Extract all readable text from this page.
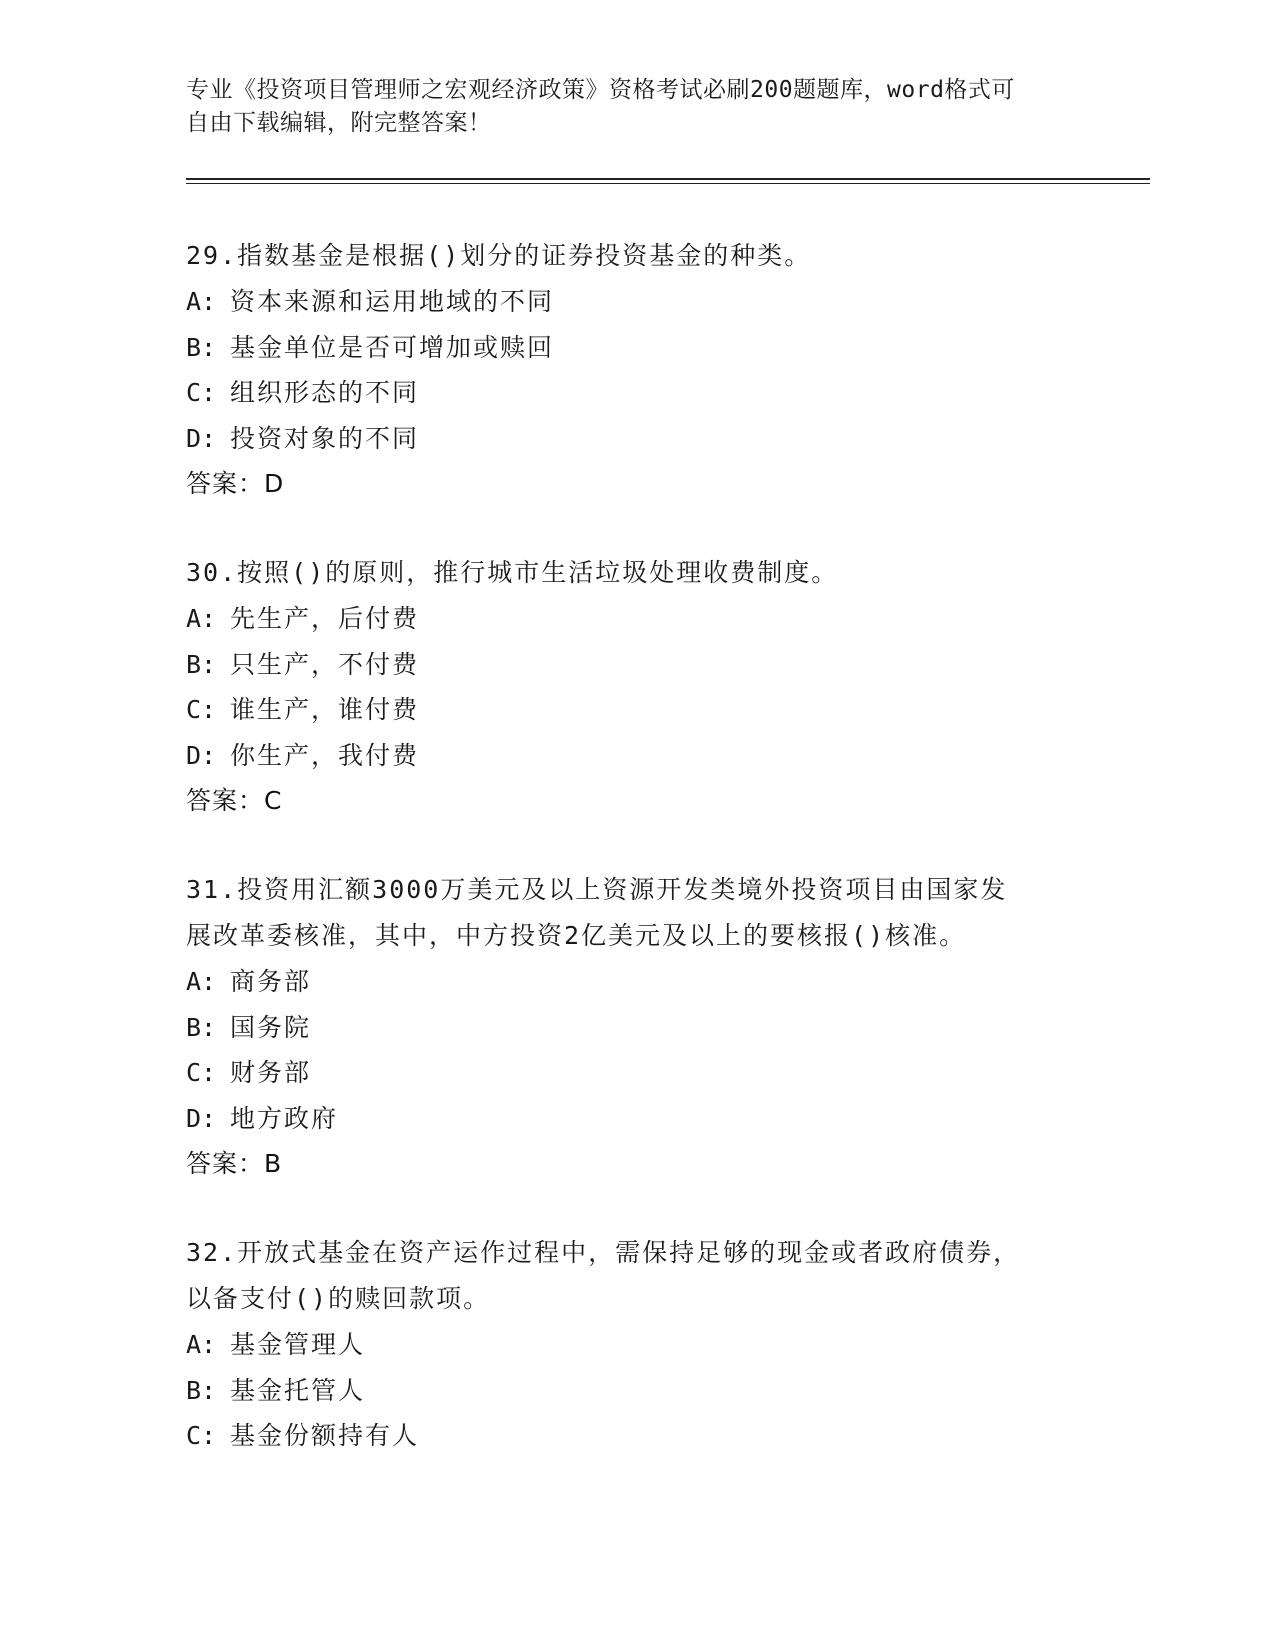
专业《投资项目管理师之宏观经济政策》资格考试必刷200题题库，word格式可
自由下载编辑，附完整答案！
29.指数基金是根据()划分的证券投资基金的种类。
A: 资本来源和运用地域的不同
B: 基金单位是否可增加或赎回
C: 组织形态的不同
D: 投资对象的不同
答案：D
30.按照()的原则，推行城市生活垃圾处理收费制度。
A: 先生产，后付费
B: 只生产，不付费
C: 谁生产，谁付费
D: 你生产，我付费
答案：C
31.投资用汇额3000万美元及以上资源开发类境外投资项目由国家发
展改革委核准，其中，中方投资2亿美元及以上的要核报()核准。
A: 商务部
B: 国务院
C: 财务部
D: 地方政府
答案：B
32.开放式基金在资产运作过程中，需保持足够的现金或者政府债券，
以备支付()的赎回款项。
A: 基金管理人
B: 基金托管人
C: 基金份额持有人
